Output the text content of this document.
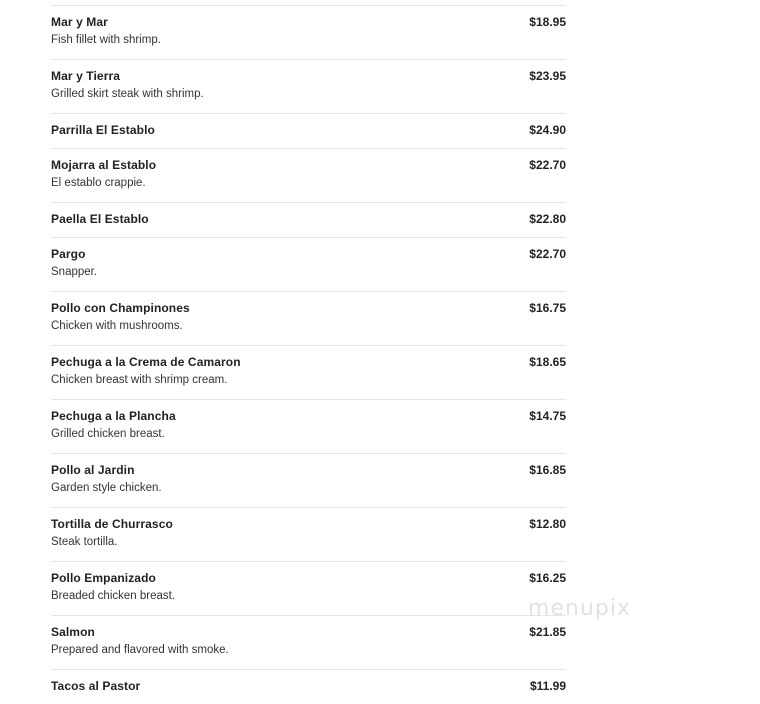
Mar y Mar	$18.95
Fish fillet with shrimp.
Mar y Tierra	$23.95
Grilled skirt steak with shrimp.
Parrilla El Establo	$24.90
Mojarra al Establo	$22.70
El establo crappie.
Paella El Establo	$22.80
Pargo	$22.70
Snapper.
Pollo con Champinones	$16.75
Chicken with mushrooms.
Pechuga a la Crema de Camaron	$18.65
Chicken breast with shrimp cream.
Pechuga a la Plancha	$14.75
Grilled chicken breast.
Pollo al Jardin	$16.85
Garden style chicken.
Tortilla de Churrasco	$12.80
Steak tortilla.
Pollo Empanizado	$16.25
Breaded chicken breast.
Salmon	$21.85
Prepared and flavored with smoke.
Tacos al Pastor	$11.99
menupix
